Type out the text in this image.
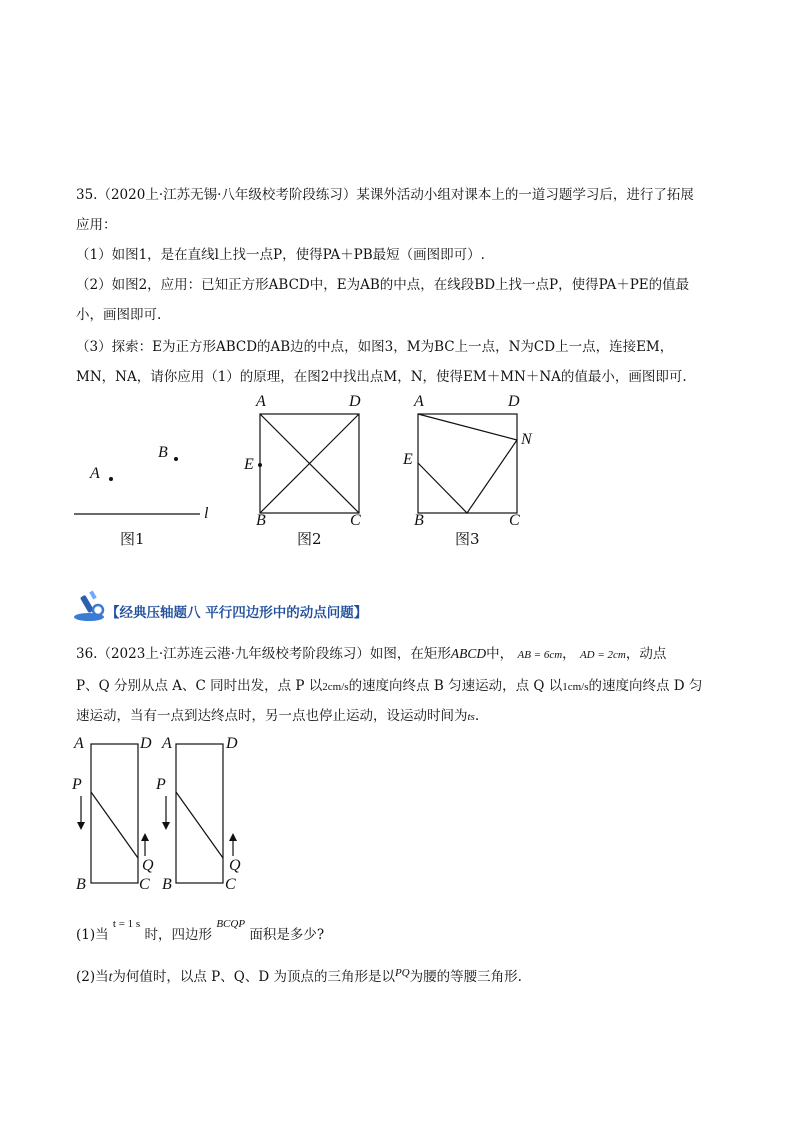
35.（2020上·江苏无锡·八年级校考阶段练习）某课外活动小组对课本上的一道习题学习后，进行了拓展
应用：
（1）如图1，是在直线l上找一点P，使得PA＋PB最短（画图即可）.
（2）如图2，应用：已知正方形ABCD中，E为AB的中点，在线段BD上找一点P，使得PA＋PE的值最
小，画图即可.
（3）探索：E为正方形ABCD的AB边的中点，如图3，M为BC上一点，N为CD上一点，连接EM，
MN，NA，请你应用（1）的原理，在图2中找出点M，N，使得EM＋MN＋NA的值最小，画图即可.
A
B
l
图1
A	D
E
B	C
图2
A	D
N
E
B	C
图3
【经典压轴题八 平行四边形中的动点问题】
36.（2023上·江苏连云港·九年级校考阶段练习）如图，在矩形ABCD中， AB = 6cm， AD = 2cm，动点
P、Q 分别从点 A、C 同时出发，点 P 以2cm/s的速度向终点 B 匀速运动，点 Q 以1cm/s的速度向终点 D 匀
速运动，当有一点到达终点时，另一点也停止运动，设运动时间为ts.
A	D
P
Q
B	C
A	D
P
Q
B	C
(1)当 $^{t = 1 s}$ 时，四边形 $^{BCQP}$ 面积是多少?
(2)当t为何值时，以点 P、Q、D 为顶点的三角形是以$^{PQ}$为腰的等腰三角形.
